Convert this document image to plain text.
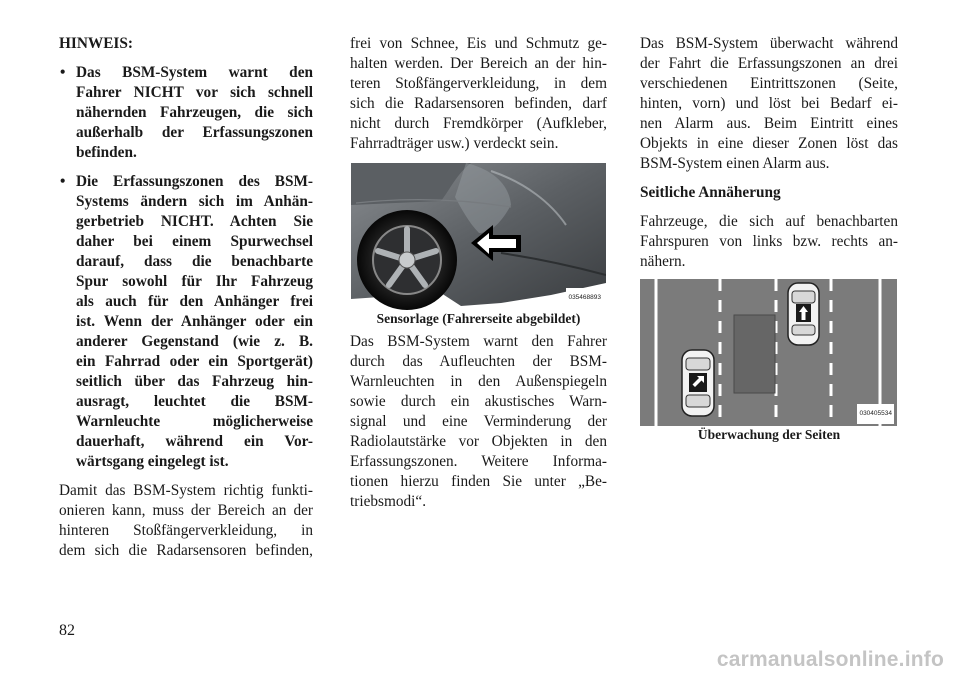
HINWEIS:

• Das BSM-System warnt den

Fahrer NICHT vor sich schnell

nähernden Fahrzeugen, die sich

außerhalb der Erfassungszonen

befinden.

• Die Erfassungszonen des BSM-

Systems ändern sich im Anhän-

gerbetrieb NICHT. Achten Sie

daher bei einem Spurwechsel

darauf, dass die benachbarte

Spur sowohl für Ihr Fahrzeug

als auch für den Anhänger frei

ist. Wenn der Anhänger oder ein

anderer Gegenstand (wie z. B.

ein Fahrrad oder ein Sportgerät)

seitlich über das Fahrzeug hin-

ausragt, leuchtet die BSM-

Warnleuchte möglicherweise

dauerhaft, während ein Vor-

wärtsgang eingelegt ist.

Damit das BSM-System richtig funkti-

onieren kann, muss der Bereich an der

hinteren Stoßfängerverkleidung, in

dem sich die Radarsensoren befinden,

frei von Schnee, Eis und Schmutz ge-

halten werden. Der Bereich an der hin-

teren Stoßfängerverkleidung, in dem

sich die Radarsensoren befinden, darf

nicht durch Fremdkörper (Aufkleber,

Fahrradträger usw.) verdeckt sein.

035468893

Sensorlage (Fahrerseite abgebildet)

Das BSM-System warnt den Fahrer

durch das Aufleuchten der BSM-

Warnleuchten in den Außenspiegeln

sowie durch ein akustisches Warn-

signal und eine Verminderung der

Radiolautstärke vor Objekten in den

Erfassungszonen. Weitere Informa-

tionen hierzu finden Sie unter „Be-

triebsmodi“.

Das BSM-System überwacht während

der Fahrt die Erfassungszonen an drei

verschiedenen Eintrittszonen (Seite,

hinten, vorn) und löst bei Bedarf ei-

nen Alarm aus. Beim Eintritt eines

Objekts in eine dieser Zonen löst das

BSM-System einen Alarm aus.

Seitliche Annäherung

Fahrzeuge, die sich auf benachbarten

Fahrspuren von links bzw. rechts an-

nähern.

030405534

Überwachung der Seiten

82
carmanualsonline.info
